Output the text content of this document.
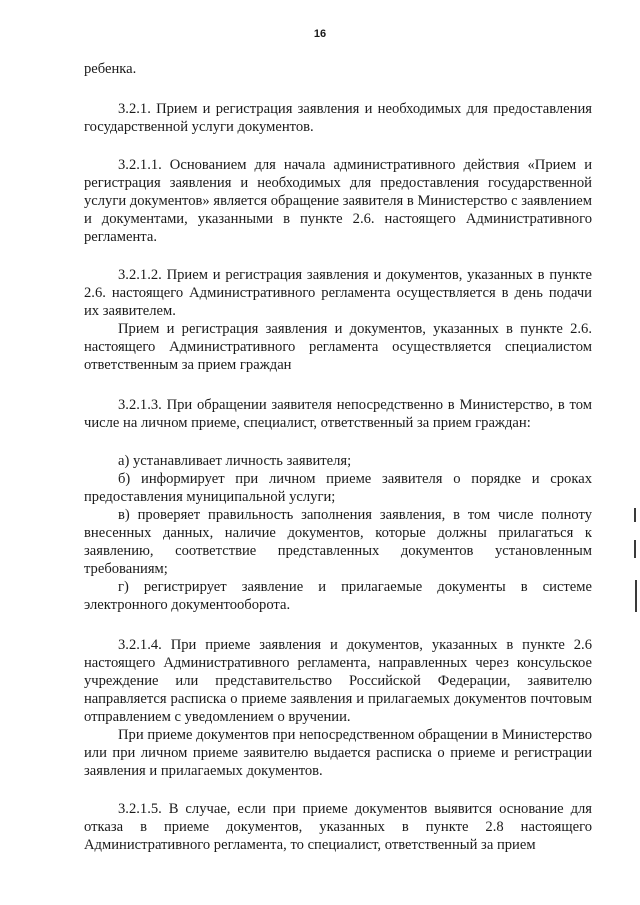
16

ребенка.

3.2.1. Прием и регистрация заявления и необходимых для предоставления государственной услуги документов.

3.2.1.1. Основанием для начала административного действия «Прием и регистрация заявления и необходимых для предоставления государственной услуги документов» является обращение заявителя в Министерство с заявлением и документами, указанными в пункте 2.6. настоящего Административного регламента.

3.2.1.2. Прием и регистрация заявления и документов, указанных в пункте 2.6. настоящего Административного регламента осуществляется в день подачи их заявителем.

Прием и регистрация заявления и документов, указанных в пункте 2.6. настоящего Административного регламента осуществляется специалистом ответственным за прием граждан

3.2.1.3. При обращении заявителя непосредственно в Министерство, в том числе на личном приеме, специалист, ответственный за прием граждан:

а) устанавливает личность заявителя;

б) информирует при личном приеме заявителя о порядке и сроках предоставления муниципальной услуги;

в) проверяет правильность заполнения заявления, в том числе полноту внесенных данных, наличие документов, которые должны прилагаться к заявлению, соответствие представленных документов установленным требованиям;

г) регистрирует заявление и прилагаемые документы в системе электронного документооборота.

3.2.1.4. При приеме заявления и документов, указанных в пункте 2.6 настоящего Административного регламента, направленных через консульское учреждение или представительство Российской Федерации, заявителю направляется расписка о приеме заявления и прилагаемых документов почтовым отправлением с уведомлением о вручении.

При приеме документов при непосредственном обращении в Министерство или при личном приеме заявителю выдается расписка о приеме и регистрации заявления и прилагаемых документов.

3.2.1.5. В случае, если при приеме документов выявится основание для отказа в приеме документов, указанных в пункте 2.8 настоящего Административного регламента, то специалист, ответственный за прием
